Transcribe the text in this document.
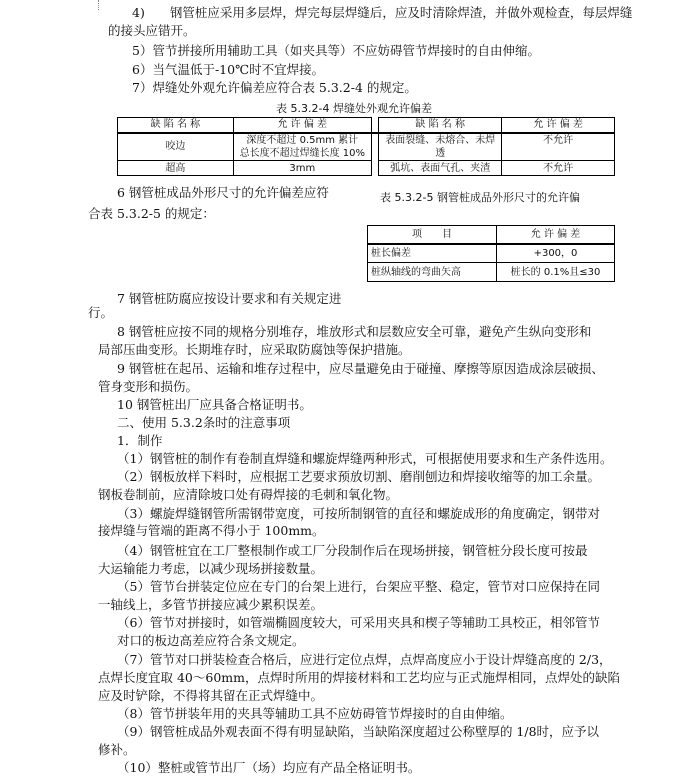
4)　　钢管桩应采用多层焊，焊完每层焊缝后，应及时清除焊渣，并做外观检查，每层焊缝
的接头应错开。
5）管节拼接所用辅助工具（如夹具等）不应妨碍管节焊接时的自由伸缩。
6）当气温低于-10℃时不宜焊接。
7）焊缝处外观允许偏差应符合表 5.3.2-4 的规定。
表 5.3.2-4 焊缝处外观允许偏差
缺 陷 名 称	允 许 偏 差		缺 陷 名 称	允 许 偏 差
咬边	深度不超过 0.5mm 累计		表面裂缝、未熔合、未焊透	不允许
	总长度不超过焊缝长度 10%			
超高	3mm		弧坑、表面气孔、夹渣	不允许
6 钢管桩成品外形尺寸的允许偏差应符	表 5.3.2-5 钢管桩成品外形尺寸的允许偏
合表 5.3.2-5 的规定：
项　　目	允 许 偏 差
桩长偏差	+300，0
桩纵轴线的弯曲矢高	桩长的 0.1%且≤30
7 钢管桩防腐应按设计要求和有关规定进
行。
8 钢管桩应按不同的规格分别堆存，堆放形式和层数应安全可靠，避免产生纵向变形和
局部压曲变形。长期堆存时，应采取防腐蚀等保护措施。
9 钢管桩在起吊、运输和堆存过程中，应尽量避免由于碰撞、摩擦等原因造成涂层破损、
管身变形和损伤。
10 钢管桩出厂应具备合格证明书。
二、使用 5.3.2条时的注意事项
1．制作
（1）钢管桩的制作有卷制直焊缝和螺旋焊缝两种形式，可根据使用要求和生产条件选用。
（2）钢板放样下料时，应根据工艺要求预放切割、磨削刨边和焊接收缩等的加工余量。
钢板卷制前，应清除坡口处有碍焊接的毛刺和氧化物。
（3）螺旋焊缝钢管所需钢带宽度，可按所制钢管的直径和螺旋成形的角度确定，钢带对
接焊缝与管端的距离不得小于 100mm。
（4）钢管桩宜在工厂整根制作或工厂分段制作后在现场拼接，钢管桩分段长度可按最
大运输能力考虑，以减少现场拼接数量。
（5）管节台拼装定位应在专门的台架上进行，台架应平整、稳定，管节对口应保持在同
一轴线上，多管节拼接应减少累积误差。
（6）管节对拼接时，如管端椭圆度较大，可采用夹具和楔子等辅助工具校正，相邻管节
对口的板边高差应符合条文规定。
（7）管节对口拼装检查合格后，应进行定位点焊，点焊高度应小于设计焊缝高度的 2/3，
点焊长度宜取 40～60mm，点焊时所用的焊接材料和工艺均应与正式施焊相同，点焊处的缺陷
应及时铲除，不得将其留在正式焊缝中。
（8）管节拼装年用的夹具等辅助工具不应妨碍管节焊接时的自由伸缩。
（9）钢管桩成品外观表面不得有明显缺陷，当缺陷深度超过公称壁厚的 1/8时，应予以
修补。
（10）整桩或管节出厂（场）均应有产品全格证明书。
